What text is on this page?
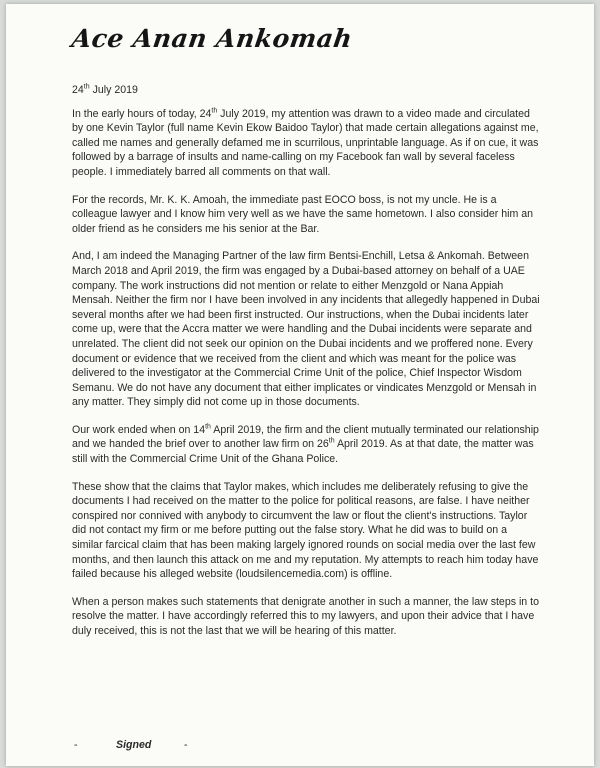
Ace Anan Ankomah
24th July 2019

In the early hours of today, 24th July 2019, my attention was drawn to a video made and circulated by one Kevin Taylor (full name Kevin Ekow Baidoo Taylor) that made certain allegations against me, called me names and generally defamed me in scurrilous, unprintable language. As if on cue, it was followed by a barrage of insults and name-calling on my Facebook fan wall by several faceless people. I immediately barred all comments on that wall.

For the records, Mr. K. K. Amoah, the immediate past EOCO boss, is not my uncle. He is a colleague lawyer and I know him very well as we have the same hometown. I also consider him an older friend as he considers me his senior at the Bar.

And, I am indeed the Managing Partner of the law firm Bentsi-Enchill, Letsa & Ankomah. Between March 2018 and April 2019, the firm was engaged by a Dubai-based attorney on behalf of a UAE company. The work instructions did not mention or relate to either Menzgold or Nana Appiah Mensah. Neither the firm nor I have been involved in any incidents that allegedly happened in Dubai several months after we had been first instructed. Our instructions, when the Dubai incidents later come up, were that the Accra matter we were handling and the Dubai incidents were separate and unrelated. The client did not seek our opinion on the Dubai incidents and we proffered none. Every document or evidence that we received from the client and which was meant for the police was delivered to the investigator at the Commercial Crime Unit of the police, Chief Inspector Wisdom Semanu. We do not have any document that either implicates or vindicates Menzgold or Mensah in any matter. They simply did not come up in those documents.

Our work ended when on 14th April 2019, the firm and the client mutually terminated our relationship and we handed the brief over to another law firm on 26th April 2019. As at that date, the matter was still with the Commercial Crime Unit of the Ghana Police.

These show that the claims that Taylor makes, which includes me deliberately refusing to give the documents I had received on the matter to the police for political reasons, are false. I have neither conspired nor connived with anybody to circumvent the law or flout the client's instructions. Taylor did not contact my firm or me before putting out the false story. What he did was to build on a similar farcical claim that has been making largely ignored rounds on social media over the last few months, and then launch this attack on me and my reputation. My attempts to reach him today have failed because his alleged website (loudsilencemedia.com) is offline.

When a person makes such statements that denigrate another in such a manner, the law steps in to resolve the matter. I have accordingly referred this to my lawyers, and upon their advice that I have duly received, this is not the last that we will be hearing of this matter.

-	Signed	-
